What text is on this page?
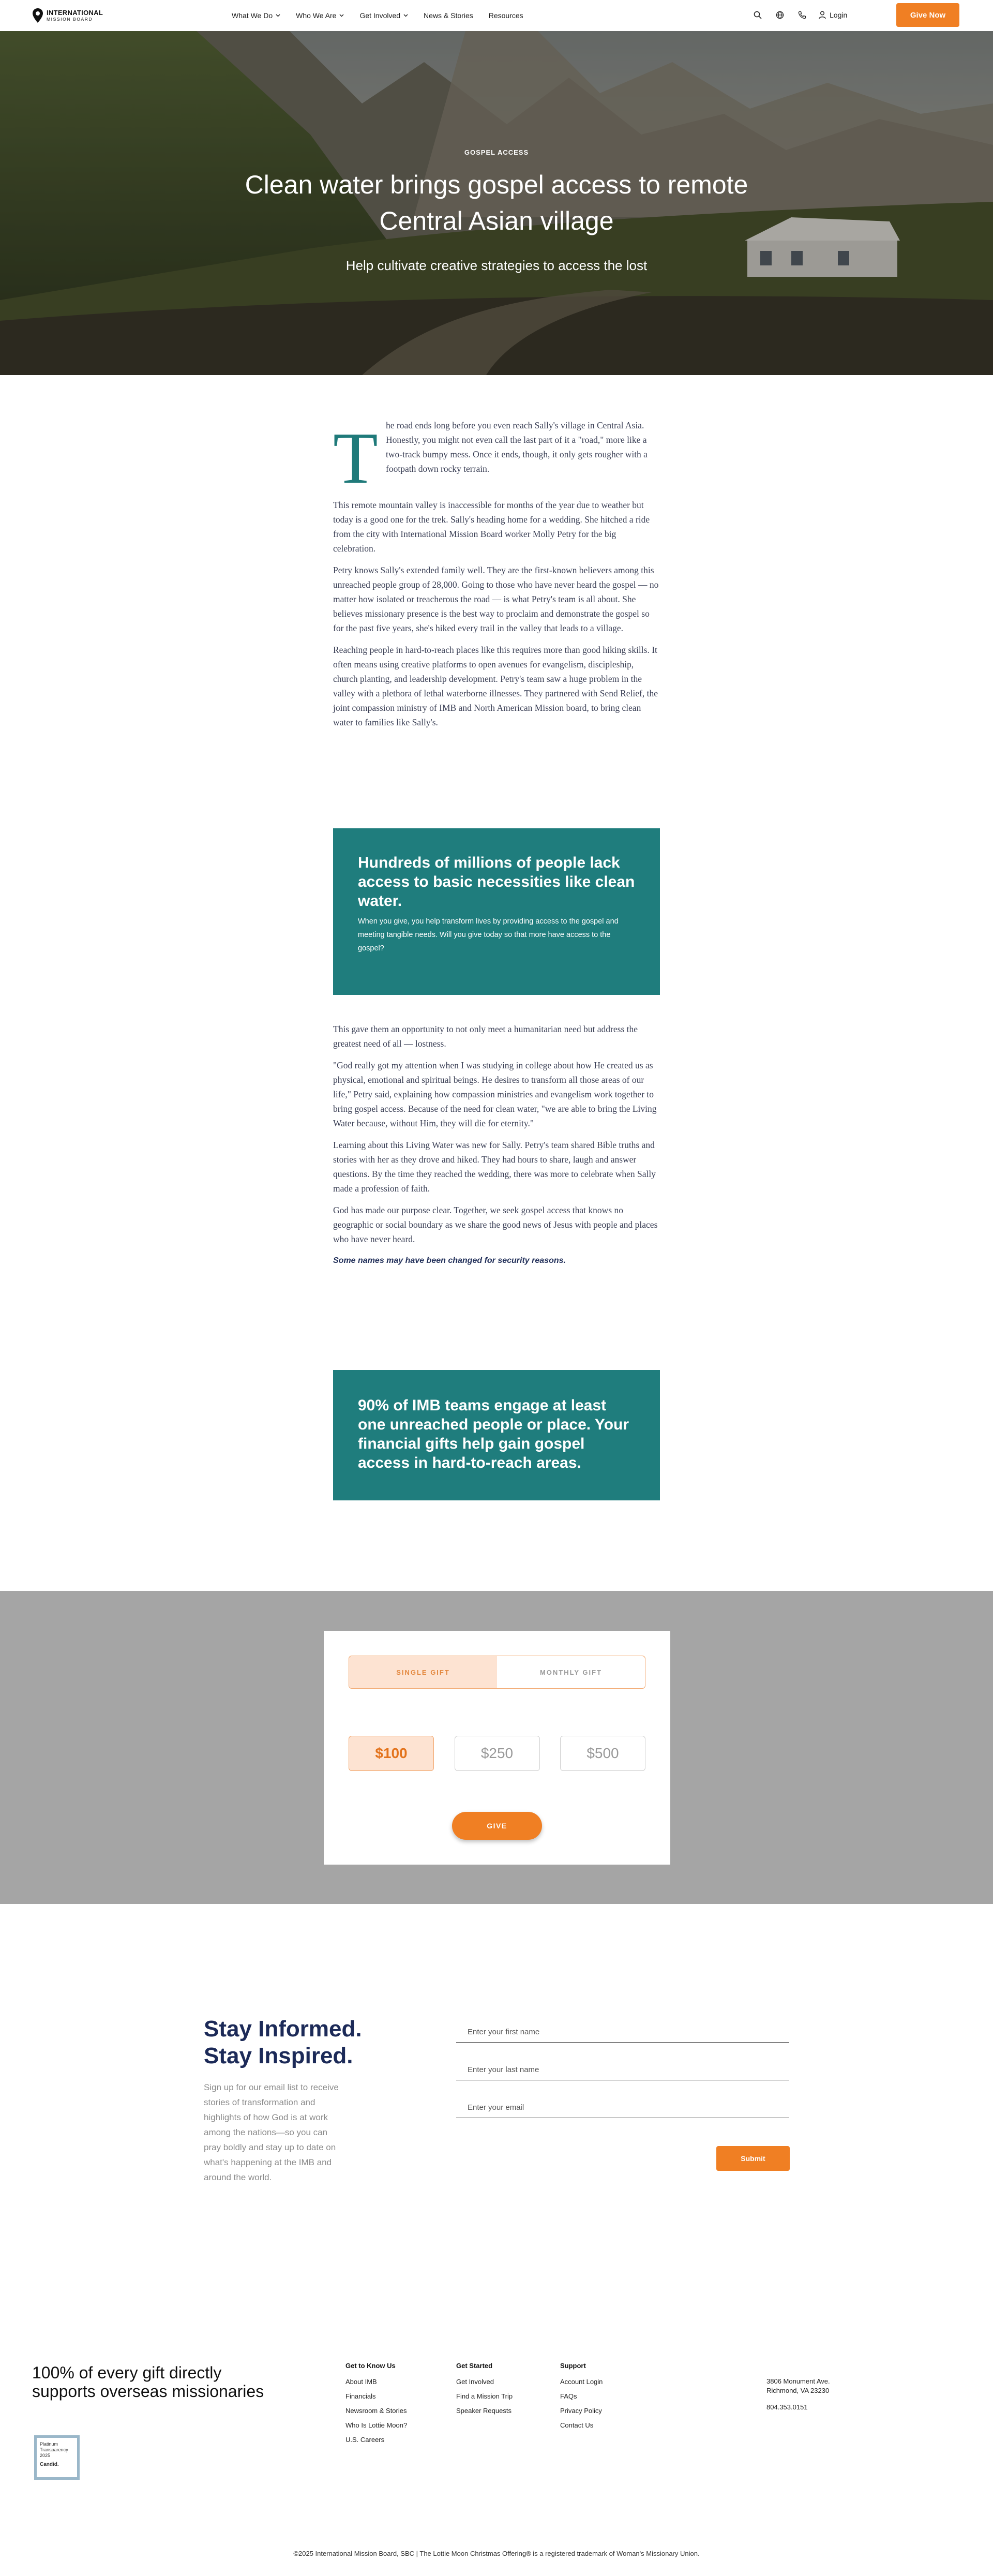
INTERNATIONAL
MISSION BOARD	What We Do	Who We Are	Get Involved	News & Stories Resources	Login	Give Now
GOSPEL ACCESS
Clean water brings gospel access to remote Central Asian village
Help cultivate creative strategies to access the lost

T he road ends long before you even reach Sally's village in Central Asia. Honestly, you might not even call the last part of it a "road," more like a two-track bumpy mess. Once it ends, though, it only gets rougher with a footpath down rocky terrain.

This remote mountain valley is inaccessible for months of the year due to weather but today is a good one for the trek. Sally's heading home for a wedding. She hitched a ride from the city with International Mission Board worker Molly Petry for the big celebration.

Petry knows Sally's extended family well. They are the first-known believers among this unreached people group of 28,000. Going to those who have never heard the gospel — no matter how isolated or treacherous the road — is what Petry's team is all about. She believes missionary presence is the best way to proclaim and demonstrate the gospel so for the past five years, she's hiked every trail in the valley that leads to a village.

Reaching people in hard-to-reach places like this requires more than good hiking skills. It often means using creative platforms to open avenues for evangelism, discipleship, church planting, and leadership development. Petry's team saw a huge problem in the valley with a plethora of lethal waterborne illnesses. They partnered with Send Relief, the joint compassion ministry of IMB and North American Mission board, to bring clean water to families like Sally's.

Hundreds of millions of people lack access to basic necessities like clean water.

When you give, you help transform lives by providing access to the gospel and meeting tangible needs. Will you give today so that more have access to the gospel?

This gave them an opportunity to not only meet a humanitarian need but address the greatest need of all — lostness.

"God really got my attention when I was studying in college about how He created us as physical, emotional and spiritual beings. He desires to transform all those areas of our life," Petry said, explaining how compassion ministries and evangelism work together to bring gospel access. Because of the need for clean water, "we are able to bring the Living Water because, without Him, they will die for eternity."

Learning about this Living Water was new for Sally. Petry's team shared Bible truths and stories with her as they drove and hiked. They had hours to share, laugh and answer questions. By the time they reached the wedding, there was more to celebrate when Sally made a profession of faith.

God has made our purpose clear. Together, we seek gospel access that knows no geographic or social boundary as we share the good news of Jesus with people and places who have never heard.

Some names may have been changed for security reasons.

90% of IMB teams engage at least one unreached people or place. Your financial gifts help gain gospel access in hard-to-reach areas.
SINGLE GIFT	MONTHLY GIFT
$100	$250	$500
GIVE
Stay Informed.
Stay Inspired.
Sign up for our email list to receive stories of transformation and highlights of how God is at work among the nations—so you can pray boldly and stay up to date on what's happening at the IMB and around the world.
Enter your first name
Enter your last name
Enter your email
Submit
100% of every gift directly supports overseas missionaries
Platinum
Transparency
2025
Candid.
Get to Know Us
About IMB
Financials
Newsroom & Stories
Who Is Lottie Moon?
U.S. Careers
Get Started
Get Involved
Find a Mission Trip
Speaker Requests
Support
Account Login
FAQs
Privacy Policy
Contact Us
3806 Monument Ave.
Richmond, VA 23230
804.353.0151
©2025 International Mission Board, SBC | The Lottie Moon Christmas Offering® is a registered trademark of Woman's Missionary Union.
